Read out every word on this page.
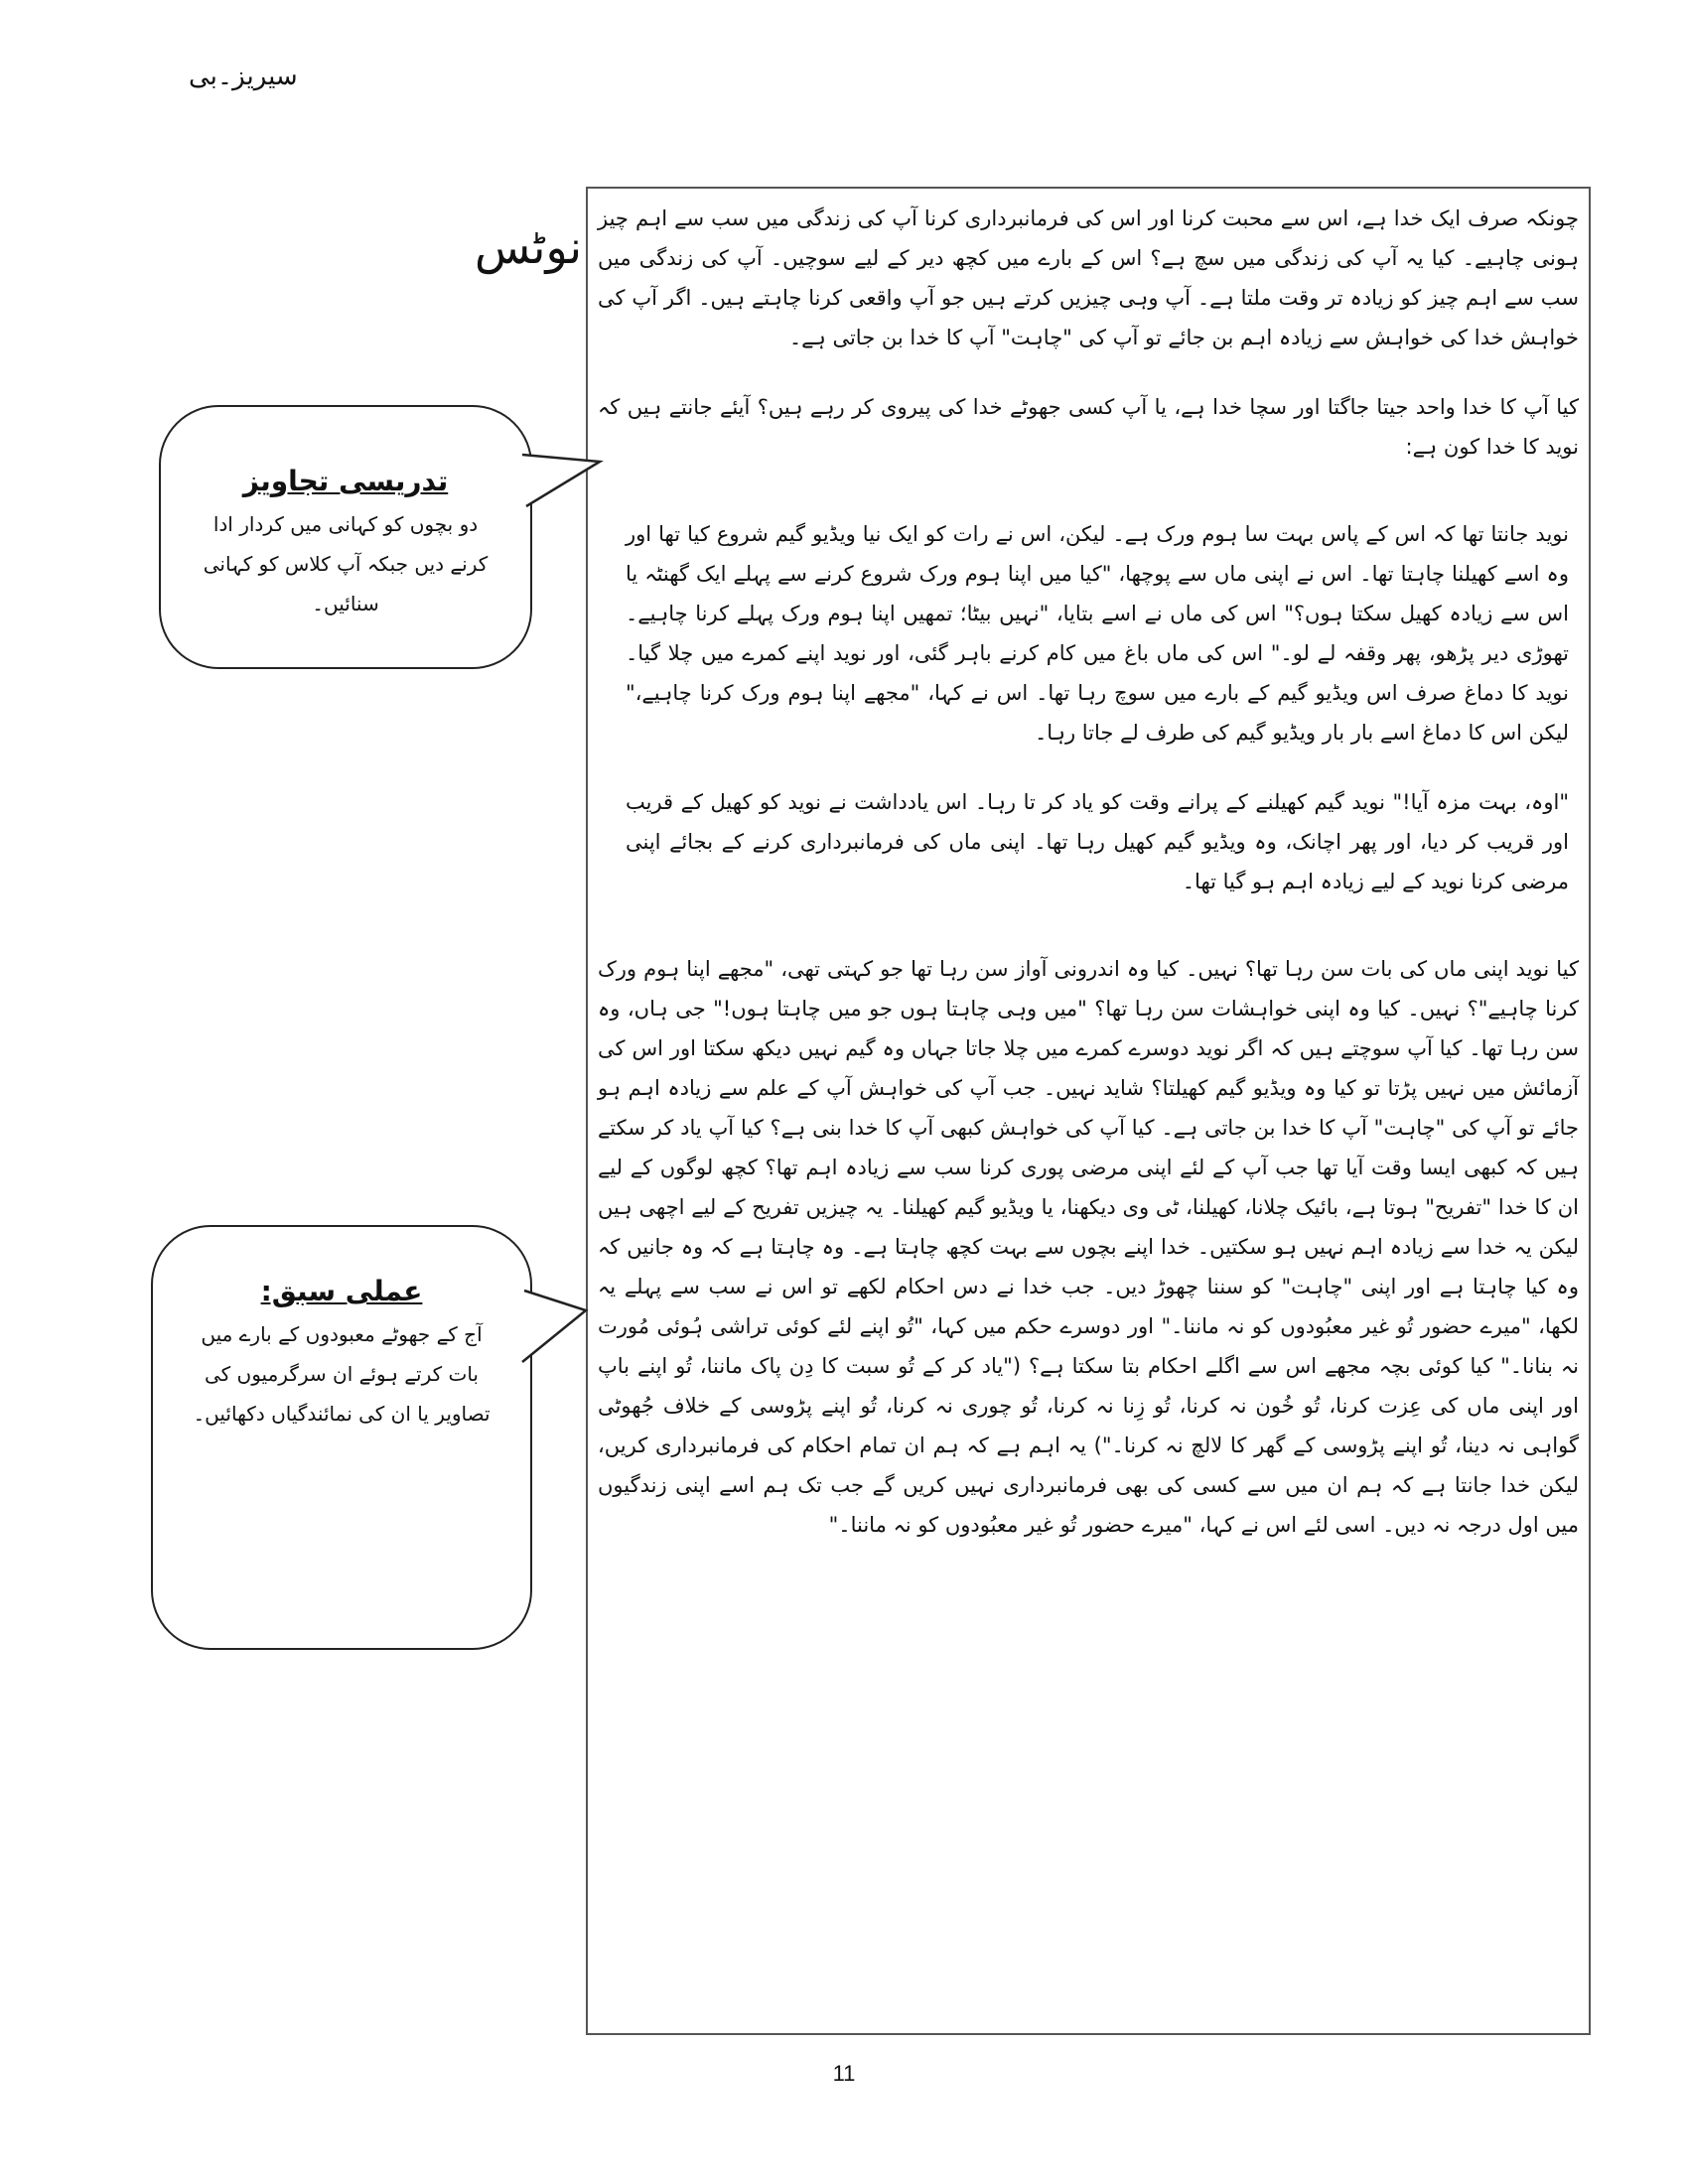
سیریز۔بی
نوٹس

چونکہ صرف ایک خدا ہے، اس سے محبت کرنا اور اس کی فرمانبرداری کرنا آپ کی زندگی میں سب سے اہم چیز ہونی چاہیے۔ کیا یہ آپ کی زندگی میں سچ ہے؟ اس کے بارے میں کچھ دیر کے لیے سوچیں۔ آپ کی زندگی میں سب سے اہم چیز کو زیادہ تر وقت ملتا ہے۔ آپ وہی چیزیں کرتے ہیں جو آپ واقعی کرنا چاہتے ہیں۔ اگر آپ کی خواہش خدا کی خواہش سے زیادہ اہم بن جائے تو آپ کی "چاہت" آپ کا خدا بن جاتی ہے۔

کیا آپ کا خدا واحد جیتا جاگتا اور سچا خدا ہے، یا آپ کسی جھوٹے خدا کی پیروی کر رہے ہیں؟ آیئے جانتے ہیں کہ نوید کا خدا کون ہے:

نوید جانتا تھا کہ اس کے پاس بہت سا ہوم ورک ہے۔ لیکن، اس نے رات کو ایک نیا ویڈیو گیم شروع کیا تھا اور وہ اسے کھیلنا چاہتا تھا۔ اس نے اپنی ماں سے پوچھا، "کیا میں اپنا ہوم ورک شروع کرنے سے پہلے ایک گھنٹہ یا اس سے زیادہ کھیل سکتا ہوں؟" اس کی ماں نے اسے بتایا، "نہیں بیٹا؛ تمھیں اپنا ہوم ورک پہلے کرنا چاہیے۔ تھوڑی دیر پڑھو، پھر وقفہ لے لو۔" اس کی ماں باغ میں کام کرنے باہر گئی، اور نوید اپنے کمرے میں چلا گیا۔ نوید کا دماغ صرف اس ویڈیو گیم کے بارے میں سوچ رہا تھا۔ اس نے کہا، "مجھے اپنا ہوم ورک کرنا چاہیے،" لیکن اس کا دماغ اسے بار بار ویڈیو گیم کی طرف لے جاتا رہا۔

"اوہ، بہت مزہ آیا!" نوید گیم کھیلنے کے پرانے وقت کو یاد کر تا رہا۔ اس یادداشت نے نوید کو کھیل کے قریب اور قریب کر دیا، اور پھر اچانک، وہ ویڈیو گیم کھیل رہا تھا۔ اپنی ماں کی فرمانبرداری کرنے کے بجائے اپنی مرضی کرنا نوید کے لیے زیادہ اہم ہو گیا تھا۔

کیا نوید اپنی ماں کی بات سن رہا تھا؟ نہیں۔ کیا وہ اندرونی آواز سن رہا تھا جو کہتی تھی، "مجھے اپنا ہوم ورک کرنا چاہیے"؟ نہیں۔ کیا وہ اپنی خواہشات سن رہا تھا؟ "میں وہی چاہتا ہوں جو میں چاہتا ہوں!" جی ہاں، وہ سن رہا تھا۔ کیا آپ سوچتے ہیں کہ اگر نوید دوسرے کمرے میں چلا جاتا جہاں وہ گیم نہیں دیکھ سکتا اور اس کی آزمائش میں نہیں پڑتا تو کیا وہ ویڈیو گیم کھیلتا؟ شاید نہیں۔ جب آپ کی خواہش آپ کے علم سے زیادہ اہم ہو جائے تو آپ کی "چاہت" آپ کا خدا بن جاتی ہے۔ کیا آپ کی خواہش کبھی آپ کا خدا بنی ہے؟ کیا آپ یاد کر سکتے ہیں کہ کبھی ایسا وقت آیا تھا جب آپ کے لئے اپنی مرضی پوری کرنا سب سے زیادہ اہم تھا؟ کچھ لوگوں کے لیے ان کا خدا "تفریح" ہوتا ہے، بائیک چلانا، کھیلنا، ٹی وی دیکھنا، یا ویڈیو گیم کھیلنا۔ یہ چیزیں تفریح کے لیے اچھی ہیں لیکن یہ خدا سے زیادہ اہم نہیں ہو سکتیں۔ خدا اپنے بچوں سے بہت کچھ چاہتا ہے۔ وہ چاہتا ہے کہ وہ جانیں کہ وہ کیا چاہتا ہے اور اپنی "چاہت" کو سننا چھوڑ دیں۔ جب خدا نے دس احکام لکھے تو اس نے سب سے پہلے یہ لکھا، "میرے حضور تُو غیر معبُودوں کو نہ ماننا۔" اور دوسرے حکم میں کہا، "تُو اپنے لئے کوئی تراشی ہُوئی مُورت نہ بنانا۔" کیا کوئی بچہ مجھے اس سے اگلے احکام بتا سکتا ہے؟ ("یاد کر کے تُو سبت کا دِن پاک ماننا، تُو اپنے باپ اور اپنی ماں کی عِزت کرنا، تُو خُون نہ کرنا، تُو زِنا نہ کرنا، تُو چوری نہ کرنا، تُو اپنے پڑوسی کے خلاف جُھوٹی گواہی نہ دینا، تُو اپنے پڑوسی کے گھر کا لالچ نہ کرنا۔") یہ اہم ہے کہ ہم ان تمام احکام کی فرمانبرداری کریں، لیکن خدا جانتا ہے کہ ہم ان میں سے کسی کی بھی فرمانبرداری نہیں کریں گے جب تک ہم اسے اپنی زندگیوں میں اول درجہ نہ دیں۔ اسی لئے اس نے کہا، "میرے حضور تُو غیر معبُودوں کو نہ ماننا۔"

تدریسی تجاویز

دو بچوں کو کہانی میں کردار ادا کرنے دیں جبکہ آپ کلاس کو کہانی سنائیں۔

عملی سبق:

آج کے جھوٹے معبودوں کے بارے میں بات کرتے ہوئے ان سرگرمیوں کی تصاویر یا ان کی نمائندگیاں دکھائیں۔

11
